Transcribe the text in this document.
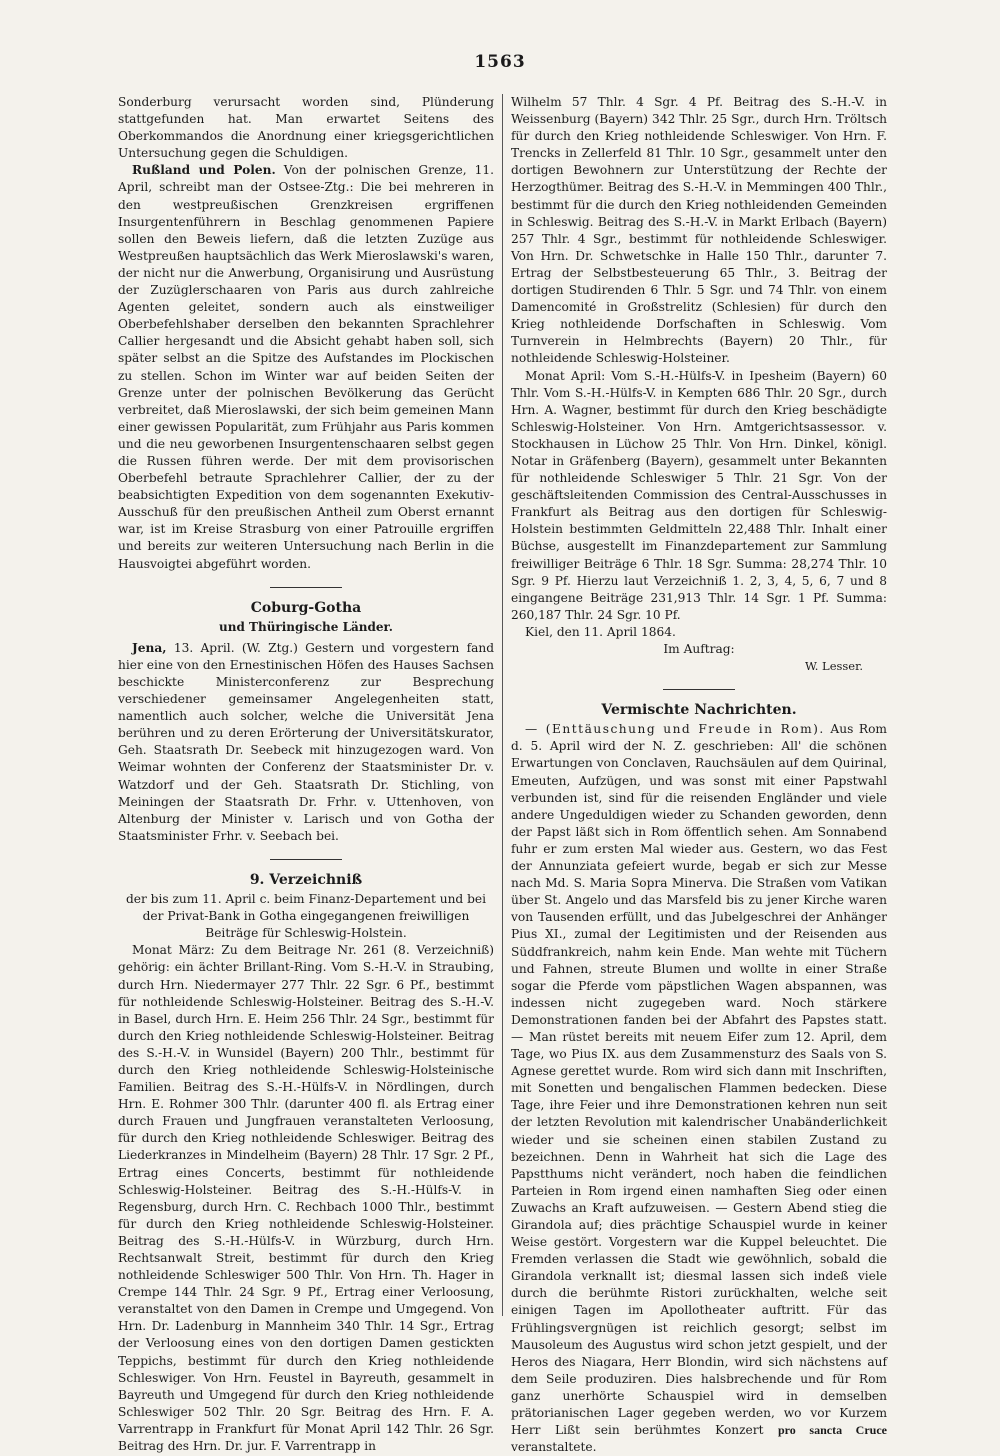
1563

Sonderburg verursacht worden sind, Plünderung stattgefunden hat. Man erwartet Seitens des Oberkommandos die Anordnung einer kriegsgerichtlichen Untersuchung gegen die Schuldigen.

Rußland und Polen. Von der polnischen Grenze, 11. April, schreibt man der Ostsee-Ztg.: Die bei mehreren in den westpreußischen Grenzkreisen ergriffenen Insurgentenführern in Beschlag genommenen Papiere sollen den Beweis liefern, daß die letzten Zuzüge aus Westpreußen hauptsächlich das Werk Mieroslawski's waren, der nicht nur die Anwerbung, Organisirung und Ausrüstung der Zuzüglerschaaren von Paris aus durch zahlreiche Agenten geleitet, sondern auch als einstweiliger Oberbefehlshaber derselben den bekannten Sprachlehrer Callier hergesandt und die Absicht gehabt haben soll, sich später selbst an die Spitze des Aufstandes im Plockischen zu stellen. Schon im Winter war auf beiden Seiten der Grenze unter der polnischen Bevölkerung das Gerücht verbreitet, daß Mieroslawski, der sich beim gemeinen Mann einer gewissen Popularität, zum Frühjahr aus Paris kommen und die neu geworbenen Insurgentenschaaren selbst gegen die Russen führen werde. Der mit dem provisorischen Oberbefehl betraute Sprachlehrer Callier, der zu der beabsichtigten Expedition von dem sogenannten Exekutiv-Ausschuß für den preußischen Antheil zum Oberst ernannt war, ist im Kreise Strasburg von einer Patrouille ergriffen und bereits zur weiteren Untersuchung nach Berlin in die Hausvoigtei abgeführt worden.

Coburg-Gotha
und Thüringische Länder.

Jena, 13. April. (W. Ztg.) Gestern und vorgestern fand hier eine von den Ernestinischen Höfen des Hauses Sachsen beschickte Ministerconferenz zur Besprechung verschiedener gemeinsamer Angelegenheiten statt, namentlich auch solcher, welche die Universität Jena berühren und zu deren Erörterung der Universitätskurator, Geh. Staatsrath Dr. Seebeck mit hinzugezogen ward. Von Weimar wohnten der Conferenz der Staatsminister Dr. v. Watzdorf und der Geh. Staatsrath Dr. Stichling, von Meiningen der Staatsrath Dr. Frhr. v. Uttenhoven, von Altenburg der Minister v. Larisch und von Gotha der Staatsminister Frhr. v. Seebach bei.

9. Verzeichniß

der bis zum 11. April c. beim Finanz-Departement und bei der Privat-Bank in Gotha eingegangenen freiwilligen Beiträge für Schleswig-Holstein.

Monat März: Zu dem Beitrage Nr. 261 (8. Verzeichniß) gehörig: ein ächter Brillant-Ring. Vom S.-H.-V. in Straubing, durch Hrn. Niedermayer 277 Thlr. 22 Sgr. 6 Pf., bestimmt für nothleidende Schleswig-Holsteiner. Beitrag des S.-H.-V. in Basel, durch Hrn. E. Heim 256 Thlr. 24 Sgr., bestimmt für durch den Krieg nothleidende Schleswig-Holsteiner. Beitrag des S.-H.-V. in Wunsidel (Bayern) 200 Thlr., bestimmt für durch den Krieg nothleidende Schleswig-Holsteinische Familien. Beitrag des S.-H.-Hülfs-V. in Nördlingen, durch Hrn. E. Rohmer 300 Thlr. (darunter 400 fl. als Ertrag einer durch Frauen und Jungfrauen veranstalteten Verloosung, für durch den Krieg nothleidende Schleswiger. Beitrag des Liederkranzes in Mindelheim (Bayern) 28 Thlr. 17 Sgr. 2 Pf., Ertrag eines Concerts, bestimmt für nothleidende Schleswig-Holsteiner. Beitrag des S.-H.-Hülfs-V. in Regensburg, durch Hrn. C. Rechbach 1000 Thlr., bestimmt für durch den Krieg nothleidende Schleswig-Holsteiner. Beitrag des S.-H.-Hülfs-V. in Würzburg, durch Hrn. Rechtsanwalt Streit, bestimmt für durch den Krieg nothleidende Schleswiger 500 Thlr. Von Hrn. Th. Hager in Crempe 144 Thlr. 24 Sgr. 9 Pf., Ertrag einer Verloosung, veranstaltet von den Damen in Crempe und Umgegend. Von Hrn. Dr. Ladenburg in Mannheim 340 Thlr. 14 Sgr., Ertrag der Verloosung eines von den dortigen Damen gestickten Teppichs, bestimmt für durch den Krieg nothleidende Schleswiger. Von Hrn. Feustel in Bayreuth, gesammelt in Bayreuth und Umgegend für durch den Krieg nothleidende Schleswiger 502 Thlr. 20 Sgr. Beitrag des Hrn. F. A. Varrentrapp in Frankfurt für Monat April 142 Thlr. 26 Sgr. Beitrag des Hrn. Dr. jur. F. Varrentrapp in

Wilhelm 57 Thlr. 4 Sgr. 4 Pf. Beitrag des S.-H.-V. in Weissenburg (Bayern) 342 Thlr. 25 Sgr., durch Hrn. Tröltsch für durch den Krieg nothleidende Schleswiger. Von Hrn. F. Trencks in Zellerfeld 81 Thlr. 10 Sgr., gesammelt unter den dortigen Bewohnern zur Unterstützung der Rechte der Herzogthümer. Beitrag des S.-H.-V. in Memmingen 400 Thlr., bestimmt für die durch den Krieg nothleidenden Gemeinden in Schleswig. Beitrag des S.-H.-V. in Markt Erlbach (Bayern) 257 Thlr. 4 Sgr., bestimmt für nothleidende Schleswiger. Von Hrn. Dr. Schwetschke in Halle 150 Thlr., darunter 7. Ertrag der Selbstbesteuerung 65 Thlr., 3. Beitrag der dortigen Studirenden 6 Thlr. 5 Sgr. und 74 Thlr. von einem Damencomité in Großstrelitz (Schlesien) für durch den Krieg nothleidende Dorfschaften in Schleswig. Vom Turnverein in Helmbrechts (Bayern) 20 Thlr., für nothleidende Schleswig-Holsteiner.

Monat April: Vom S.-H.-Hülfs-V. in Ipesheim (Bayern) 60 Thlr. Vom S.-H.-Hülfs-V. in Kempten 686 Thlr. 20 Sgr., durch Hrn. A. Wagner, bestimmt für durch den Krieg beschädigte Schleswig-Holsteiner. Von Hrn. Amtgerichtsassessor. v. Stockhausen in Lüchow 25 Thlr. Von Hrn. Dinkel, königl. Notar in Gräfenberg (Bayern), gesammelt unter Bekannten für nothleidende Schleswiger 5 Thlr. 21 Sgr. Von der geschäftsleitenden Commission des Central-Ausschusses in Frankfurt als Beitrag aus den dortigen für Schleswig-Holstein bestimmten Geldmitteln 22,488 Thlr. Inhalt einer Büchse, ausgestellt im Finanzdepartement zur Sammlung freiwilliger Beiträge 6 Thlr. 18 Sgr. Summa: 28,274 Thlr. 10 Sgr. 9 Pf. Hierzu laut Verzeichniß 1. 2, 3, 4, 5, 6, 7 und 8 eingangene Beiträge 231,913 Thlr. 14 Sgr. 1 Pf. Summa: 260,187 Thlr. 24 Sgr. 10 Pf.

Kiel, den 11. April 1864.

Im Auftrag:

W. Lesser.
Vermischte Nachrichten.

— (Enttäuschung und Freude in Rom). Aus Rom d. 5. April wird der N. Z. geschrieben: All' die schönen Erwartungen von Conclaven, Rauchsäulen auf dem Quirinal, Emeuten, Aufzügen, und was sonst mit einer Papstwahl verbunden ist, sind für die reisenden Engländer und viele andere Ungeduldigen wieder zu Schanden geworden, denn der Papst läßt sich in Rom öffentlich sehen. Am Sonnabend fuhr er zum ersten Mal wieder aus. Gestern, wo das Fest der Annunziata gefeiert wurde, begab er sich zur Messe nach Md. S. Maria Sopra Minerva. Die Straßen vom Vatikan über St. Angelo und das Marsfeld bis zu jener Kirche waren von Tausenden erfüllt, und das Jubelgeschrei der Anhänger Pius XI., zumal der Legitimisten und der Reisenden aus Süddfrankreich, nahm kein Ende. Man wehte mit Tüchern und Fahnen, streute Blumen und wollte in einer Straße sogar die Pferde vom päpstlichen Wagen abspannen, was indessen nicht zugegeben ward. Noch stärkere Demonstrationen fanden bei der Abfahrt des Papstes statt. — Man rüstet bereits mit neuem Eifer zum 12. April, dem Tage, wo Pius IX. aus dem Zusammensturz des Saals von S. Agnese gerettet wurde. Rom wird sich dann mit Inschriften, mit Sonetten und bengalischen Flammen bedecken. Diese Tage, ihre Feier und ihre Demonstrationen kehren nun seit der letzten Revolution mit kalendrischer Unabänderlichkeit wieder und sie scheinen einen stabilen Zustand zu bezeichnen. Denn in Wahrheit hat sich die Lage des Papstthums nicht verändert, noch haben die feindlichen Parteien in Rom irgend einen namhaften Sieg oder einen Zuwachs an Kraft aufzuweisen. — Gestern Abend stieg die Girandola auf; dies prächtige Schauspiel wurde in keiner Weise gestört. Vorgestern war die Kuppel beleuchtet. Die Fremden verlassen die Stadt wie gewöhnlich, sobald die Girandola verknallt ist; diesmal lassen sich indeß viele durch die berühmte Ristori zurückhalten, welche seit einigen Tagen im Apollotheater auftritt. Für das Frühlingsvergnügen ist reichlich gesorgt; selbst im Mausoleum des Augustus wird schon jetzt gespielt, und der Heros des Niagara, Herr Blondin, wird sich nächstens auf dem Seile produziren. Dies halsbrechende und für Rom ganz unerhörte Schauspiel wird in demselben prätorianischen Lager gegeben werden, wo vor Kurzem Herr Lißt sein berühmtes Konzert pro sancta Cruce veranstaltete.
